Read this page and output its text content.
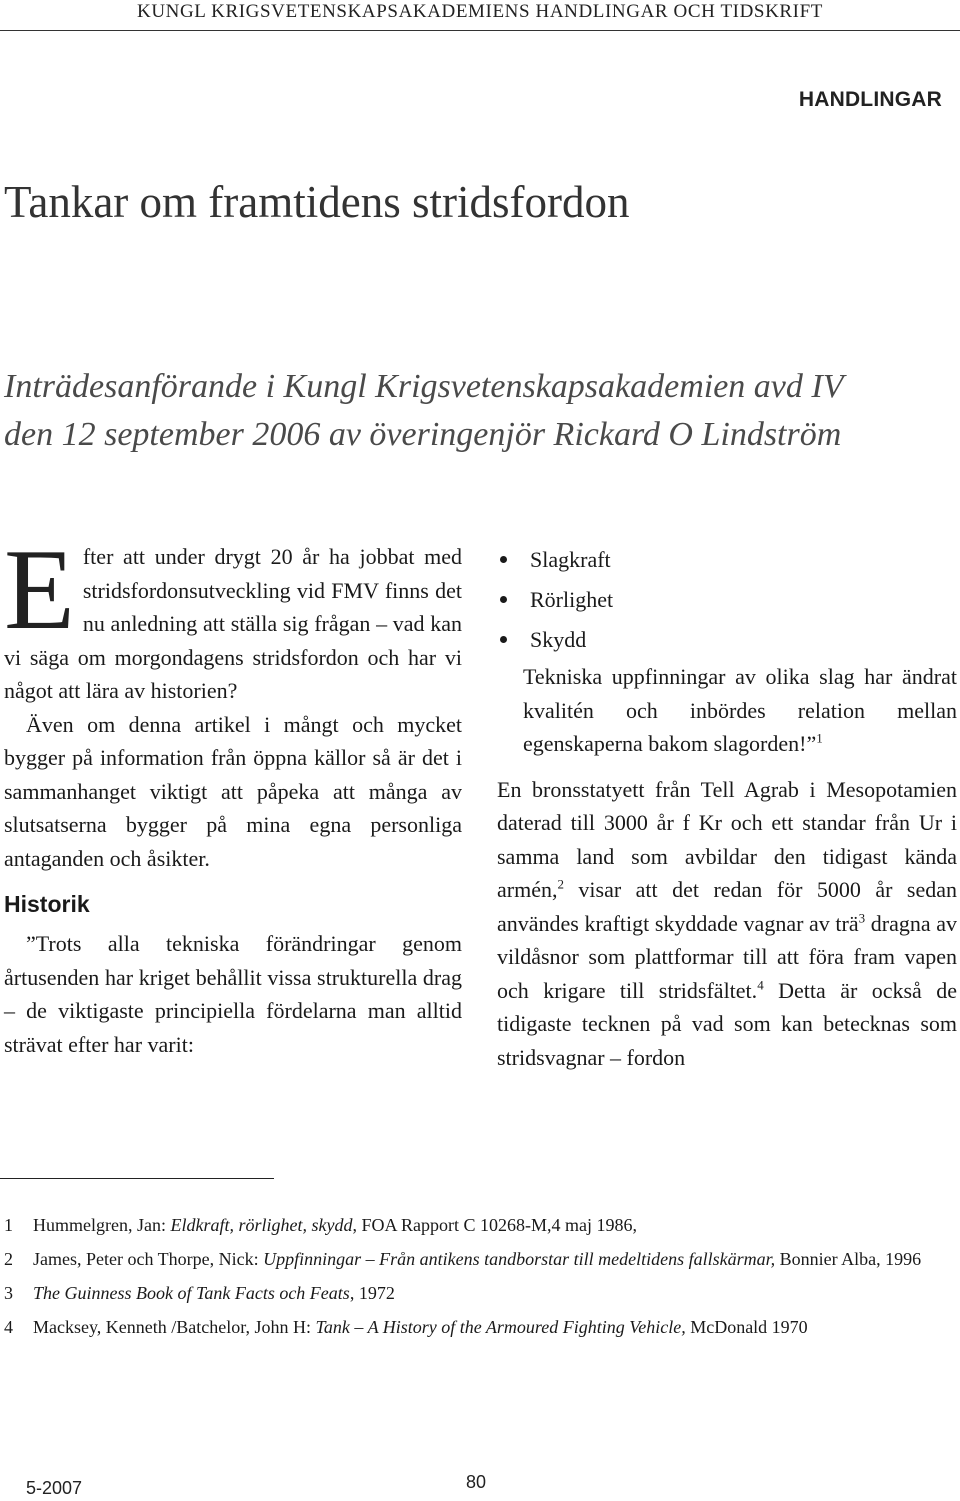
KUNGL KRIGSVETENSKAPSAKADEMIENS HANDLINGAR OCH TIDSKRIFT
HANDLINGAR
Tankar om framtidens stridsfordon
Inträdesanförande i Kungl Krigsvetenskapsakademien avd IV
den 12 september 2006 av överingenjör Rickard O Lindström

Efter att under drygt 20 år ha jobbat med stridsfordonsutveckling vid FMV finns det nu anledning att ställa sig frågan – vad kan vi säga om morgondagens stridsfordon och har vi något att lära av historien?

Även om denna artikel i mångt och mycket bygger på information från öppna källor så är det i sammanhanget viktigt att påpeka att många av slutsatserna bygger på mina egna personliga antaganden och åsikter.

Historik

”Trots alla tekniska förändringar genom årtusenden har kriget behållit vissa strukturella drag – de viktigaste principiella fördelarna man alltid strävat efter har varit:

Slagkraft
Rörlighet
Skydd

Tekniska uppfinningar av olika slag har ändrat kvalitén och inbördes relation mellan egenskaperna bakom slagorden!”$^1$

En bronsstatyett från Tell Agrab i Mesopotamien daterad till 3000 år f Kr och ett standar från Ur i samma land som avbildar den tidigast kända armén,$^2$ visar att det redan för 5000 år sedan användes kraftigt skyddade vagnar av trä$^3$ dragna av vildåsnor som plattformar till att föra fram vapen och krigare till stridsfältet.$^4$ Detta är också de tidigaste tecknen på vad som kan betecknas som stridsvagnar – fordon

1 Hummelgren, Jan: Eldkraft, rörlighet, skydd, FOA Rapport C 10268-M,4 maj 1986,
2 James, Peter och Thorpe, Nick: Uppfinningar – Från antikens tandborstar till medeltidens fallskärmar, Bonnier Alba, 1996
3 The Guinness Book of Tank Facts och Feats, 1972
4 Macksey, Kenneth /Batchelor, John H: Tank – A History of the Armoured Fighting Vehicle, McDonald 1970
5-2007	80
